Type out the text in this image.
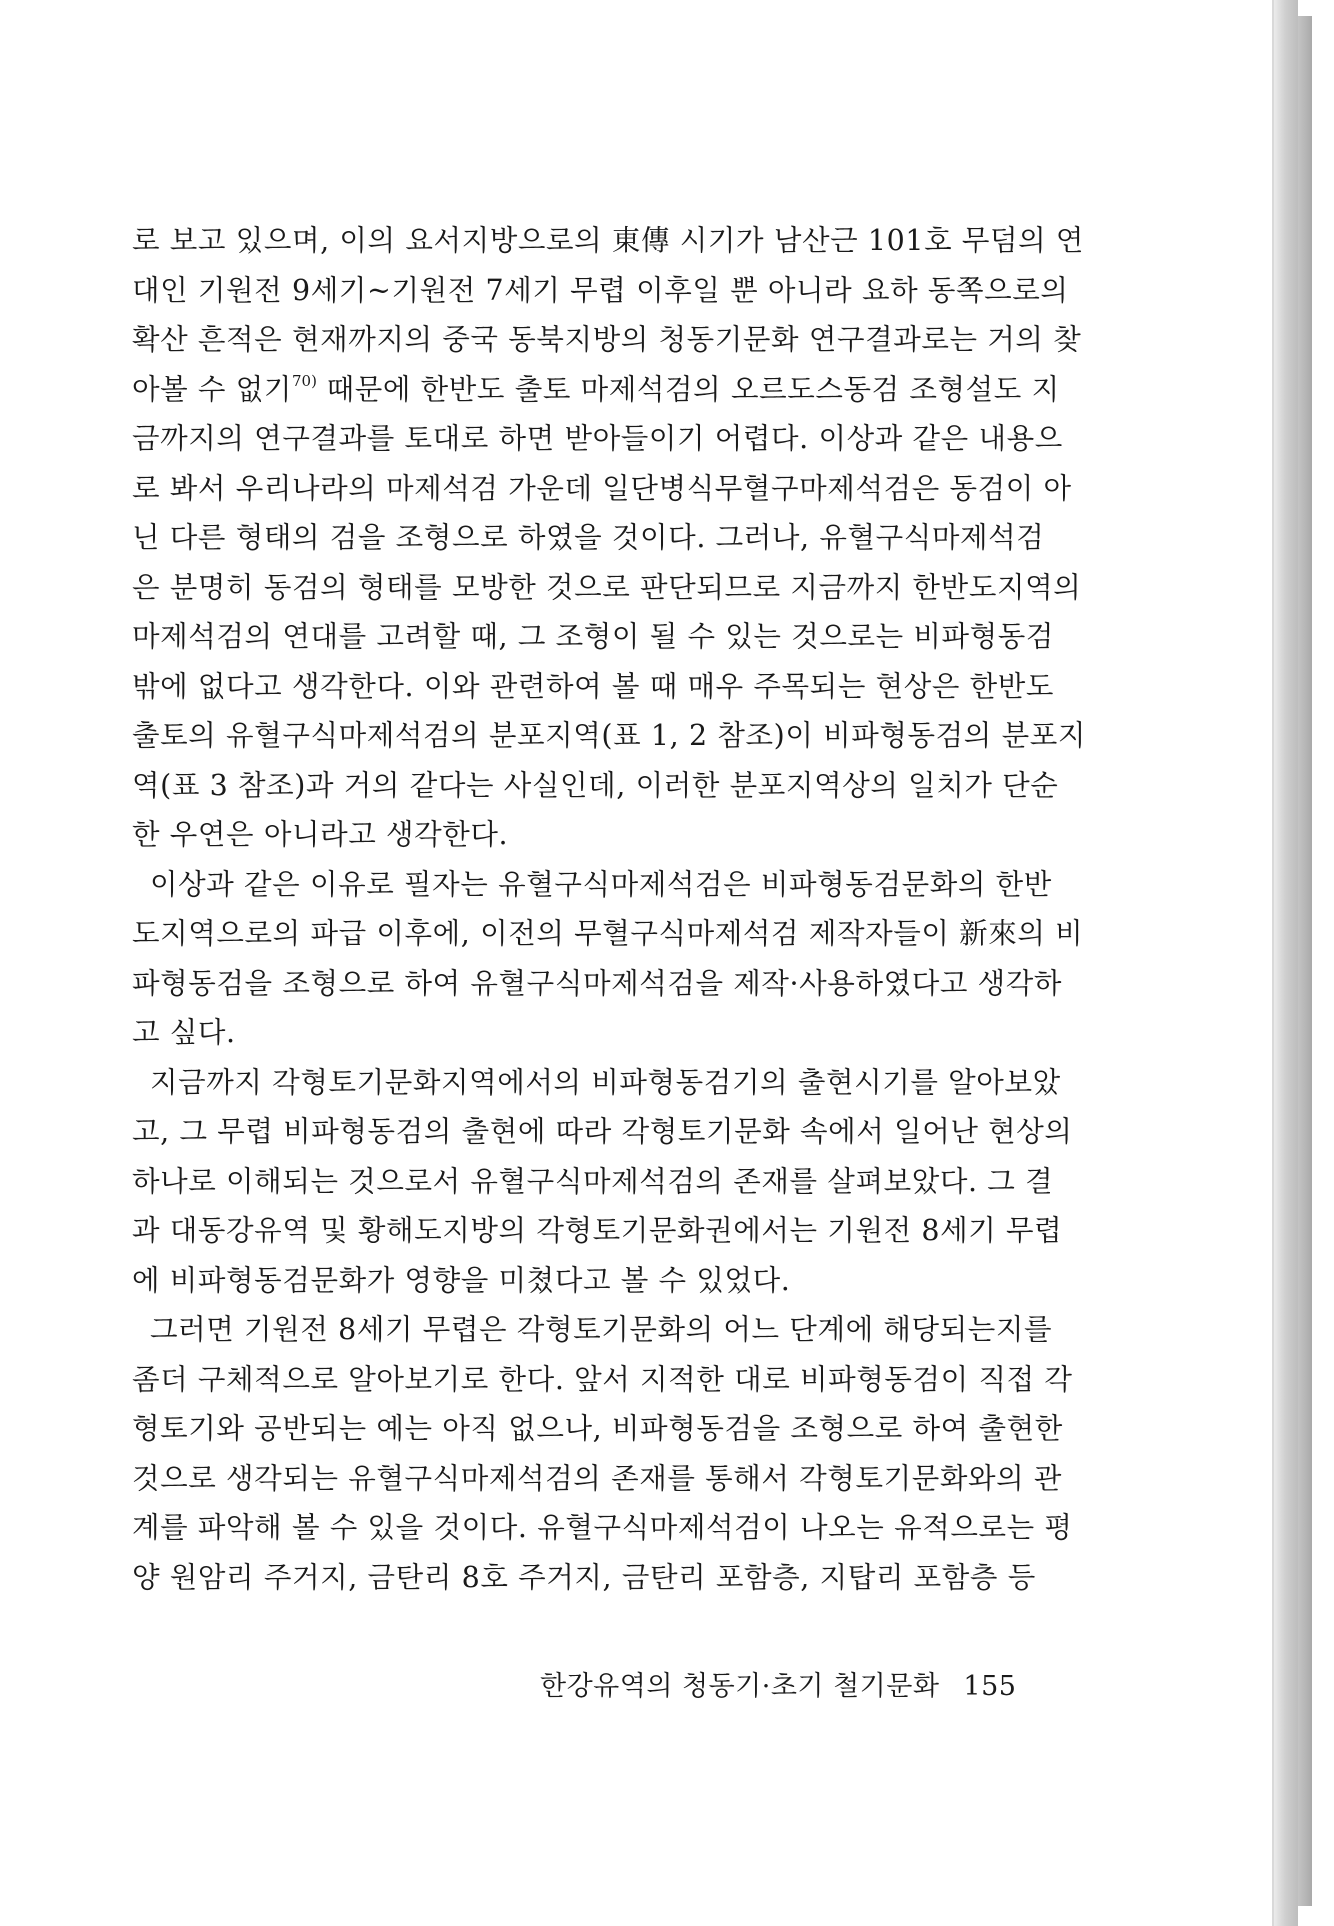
로 보고 있으며, 이의 요서지방으로의 東傳 시기가 남산근 101호 무덤의 연
대인 기원전 9세기~기원전 7세기 무렵 이후일 뿐 아니라 요하 동쪽으로의
확산 흔적은 현재까지의 중국 동북지방의 청동기문화 연구결과로는 거의 찾
아볼 수 없기$^{70)}$ 때문에 한반도 출토 마제석검의 오르도스동검 조형설도 지
금까지의 연구결과를 토대로 하면 받아들이기 어렵다. 이상과 같은 내용으
로 봐서 우리나라의 마제석검 가운데 일단병식무혈구마제석검은 동검이 아
닌 다른 형태의 검을 조형으로 하였을 것이다. 그러나, 유혈구식마제석검
은 분명히 동검의 형태를 모방한 것으로 판단되므로 지금까지 한반도지역의
마제석검의 연대를 고려할 때, 그 조형이 될 수 있는 것으로는 비파형동검
밖에 없다고 생각한다. 이와 관련하여 볼 때 매우 주목되는 현상은 한반도
출토의 유혈구식마제석검의 분포지역(표 1, 2 참조)이 비파형동검의 분포지
역(표 3 참조)과 거의 같다는 사실인데, 이러한 분포지역상의 일치가 단순
한 우연은 아니라고 생각한다.
이상과 같은 이유로 필자는 유혈구식마제석검은 비파형동검문화의 한반
도지역으로의 파급 이후에, 이전의 무혈구식마제석검 제작자들이 新來의 비
파형동검을 조형으로 하여 유혈구식마제석검을 제작·사용하였다고 생각하
고 싶다.
지금까지 각형토기문화지역에서의 비파형동검기의 출현시기를 알아보았
고, 그 무렵 비파형동검의 출현에 따라 각형토기문화 속에서 일어난 현상의
하나로 이해되는 것으로서 유혈구식마제석검의 존재를 살펴보았다. 그 결
과 대동강유역 및 황해도지방의 각형토기문화권에서는 기원전 8세기 무렵
에 비파형동검문화가 영향을 미쳤다고 볼 수 있었다.
그러면 기원전 8세기 무렵은 각형토기문화의 어느 단계에 해당되는지를
좀더 구체적으로 알아보기로 한다. 앞서 지적한 대로 비파형동검이 직접 각
형토기와 공반되는 예는 아직 없으나, 비파형동검을 조형으로 하여 출현한
것으로 생각되는 유혈구식마제석검의 존재를 통해서 각형토기문화와의 관
계를 파악해 볼 수 있을 것이다. 유혈구식마제석검이 나오는 유적으로는 평
양 원암리 주거지, 금탄리 8호 주거지, 금탄리 포함층, 지탑리 포함층 등
한강유역의 청동기·초기 철기문화 155
